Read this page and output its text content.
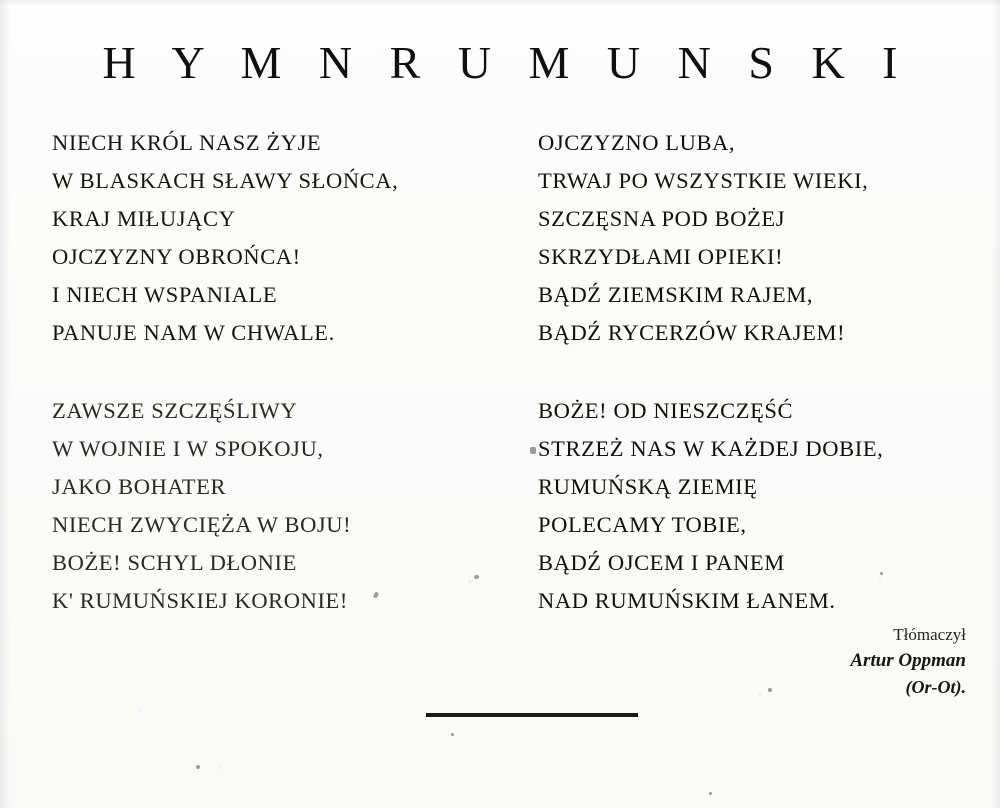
H Y M N R U M U N S K I
NIECH KRÓL NASZ ŻYJE
W BLASKACH SŁAWY SŁOŃCA,
KRAJ MIŁUJĄCY
OJCZYZNY OBROŃCA!
I NIECH WSPANIALE
PANUJE NAM W CHWALE.
ZAWSZE SZCZĘŚLIWY
W WOJNIE I W SPOKOJU,
JAKO BOHATER
NIECH ZWYCIĘŻA W BOJU!
BOŻE! SCHYL DŁONIE
K' RUMUŃSKIEJ KORONIE!
OJCZYZNO LUBA,
TRWAJ PO WSZYSTKIE WIEKI,
SZCZĘSNA POD BOŻEJ
SKRZYDŁAMI OPIEKI!
BĄDŹ ZIEMSKIM RAJEM,
BĄDŹ RYCERZÓW KRAJEM!
BOŻE! OD NIESZCZĘŚĆ
STRZEŻ NAS W KAŻDEJ DOBIE,
RUMUŃSKĄ ZIEMIĘ
POLECAMY TOBIE,
BĄDŹ OJCEM I PANEM
NAD RUMUŃSKIM ŁANEM.
Tłómaczył
Artur Oppman
(Or-Ot).
